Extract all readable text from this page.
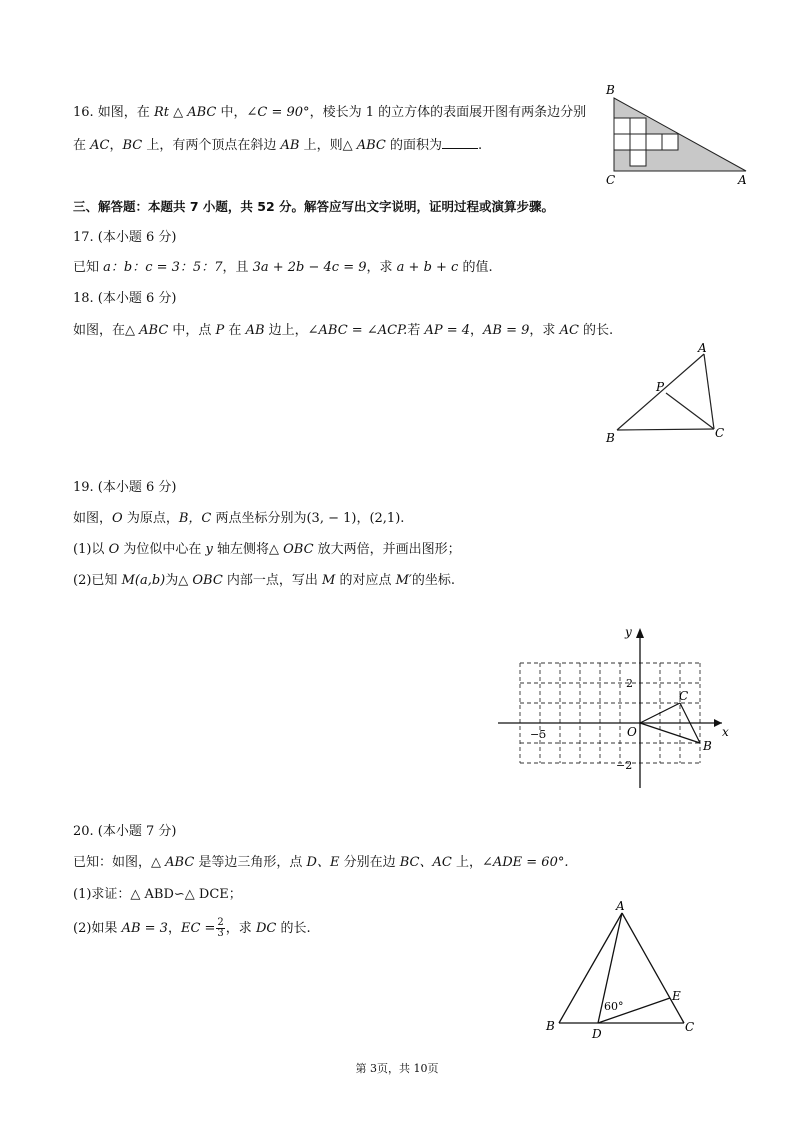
16. 如图，在 Rt △ ABC 中，∠C = 90°，棱长为 1 的立方体的表面展开图有两条边分别
在 AC，BC 上，有两个顶点在斜边 AB 上，则△ ABC 的面积为	.
B
C	A
三、解答题：本题共 7 小题，共 52 分。解答应写出文字说明，证明过程或演算步骤。
17. (本小题 6 分)
已知 a：b：c = 3：5：7，且 3a + 2b − 4c = 9，求 a + b + c 的值.
18. (本小题 6 分)
如图，在△ ABC 中，点 P 在 AB 边上，∠ABC = ∠ACP.若 AP = 4，AB = 9，求 AC 的长.
A
P
B	C
19. (本小题 6 分)
如图，O 为原点，B，C 两点坐标分别为(3, − 1)，(2,1).
(1)以 O 为位似中心在 y 轴左侧将△ OBC 放大两倍，并画出图形；
(2)已知 M(a,b)为△ OBC 内部一点，写出 M 的对应点 M′的坐标.
y
x
2
−2
−5	O
C
B
20. (本小题 7 分)
已知：如图，△ ABC 是等边三角形，点 D、E 分别在边 BC、AC 上，∠ADE = 60°.
(1)求证：△ ABD∽△ DCE；
(2)如果 AB = 3，EC = $\frac{2}{3}$ ，求 DC 的长.
A
B	C
D
E
60°
第 3页，共 10页
